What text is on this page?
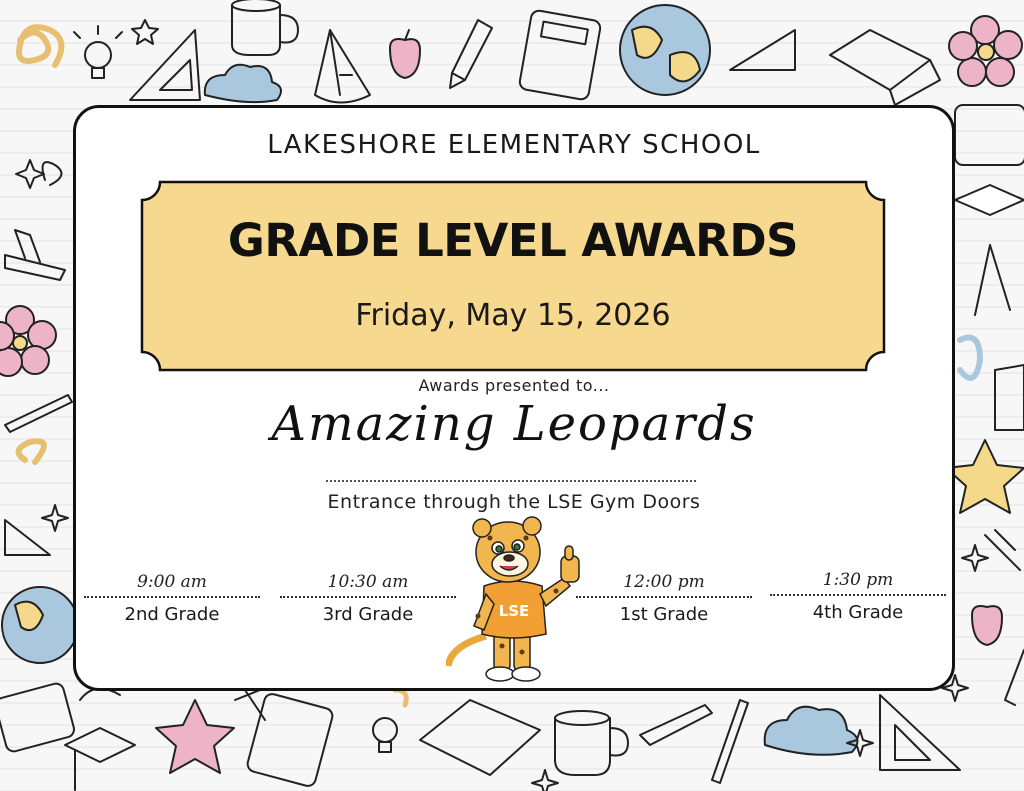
LAKESHORE ELEMENTARY SCHOOL
GRADE LEVEL AWARDS
Friday, May 15, 2026
Awards presented to...
Amazing Leopards
Entrance through the LSE Gym Doors
9:00 am
2nd Grade
10:30 am
3rd Grade
12:00 pm
1st Grade
1:30 pm
4th Grade
LSE
